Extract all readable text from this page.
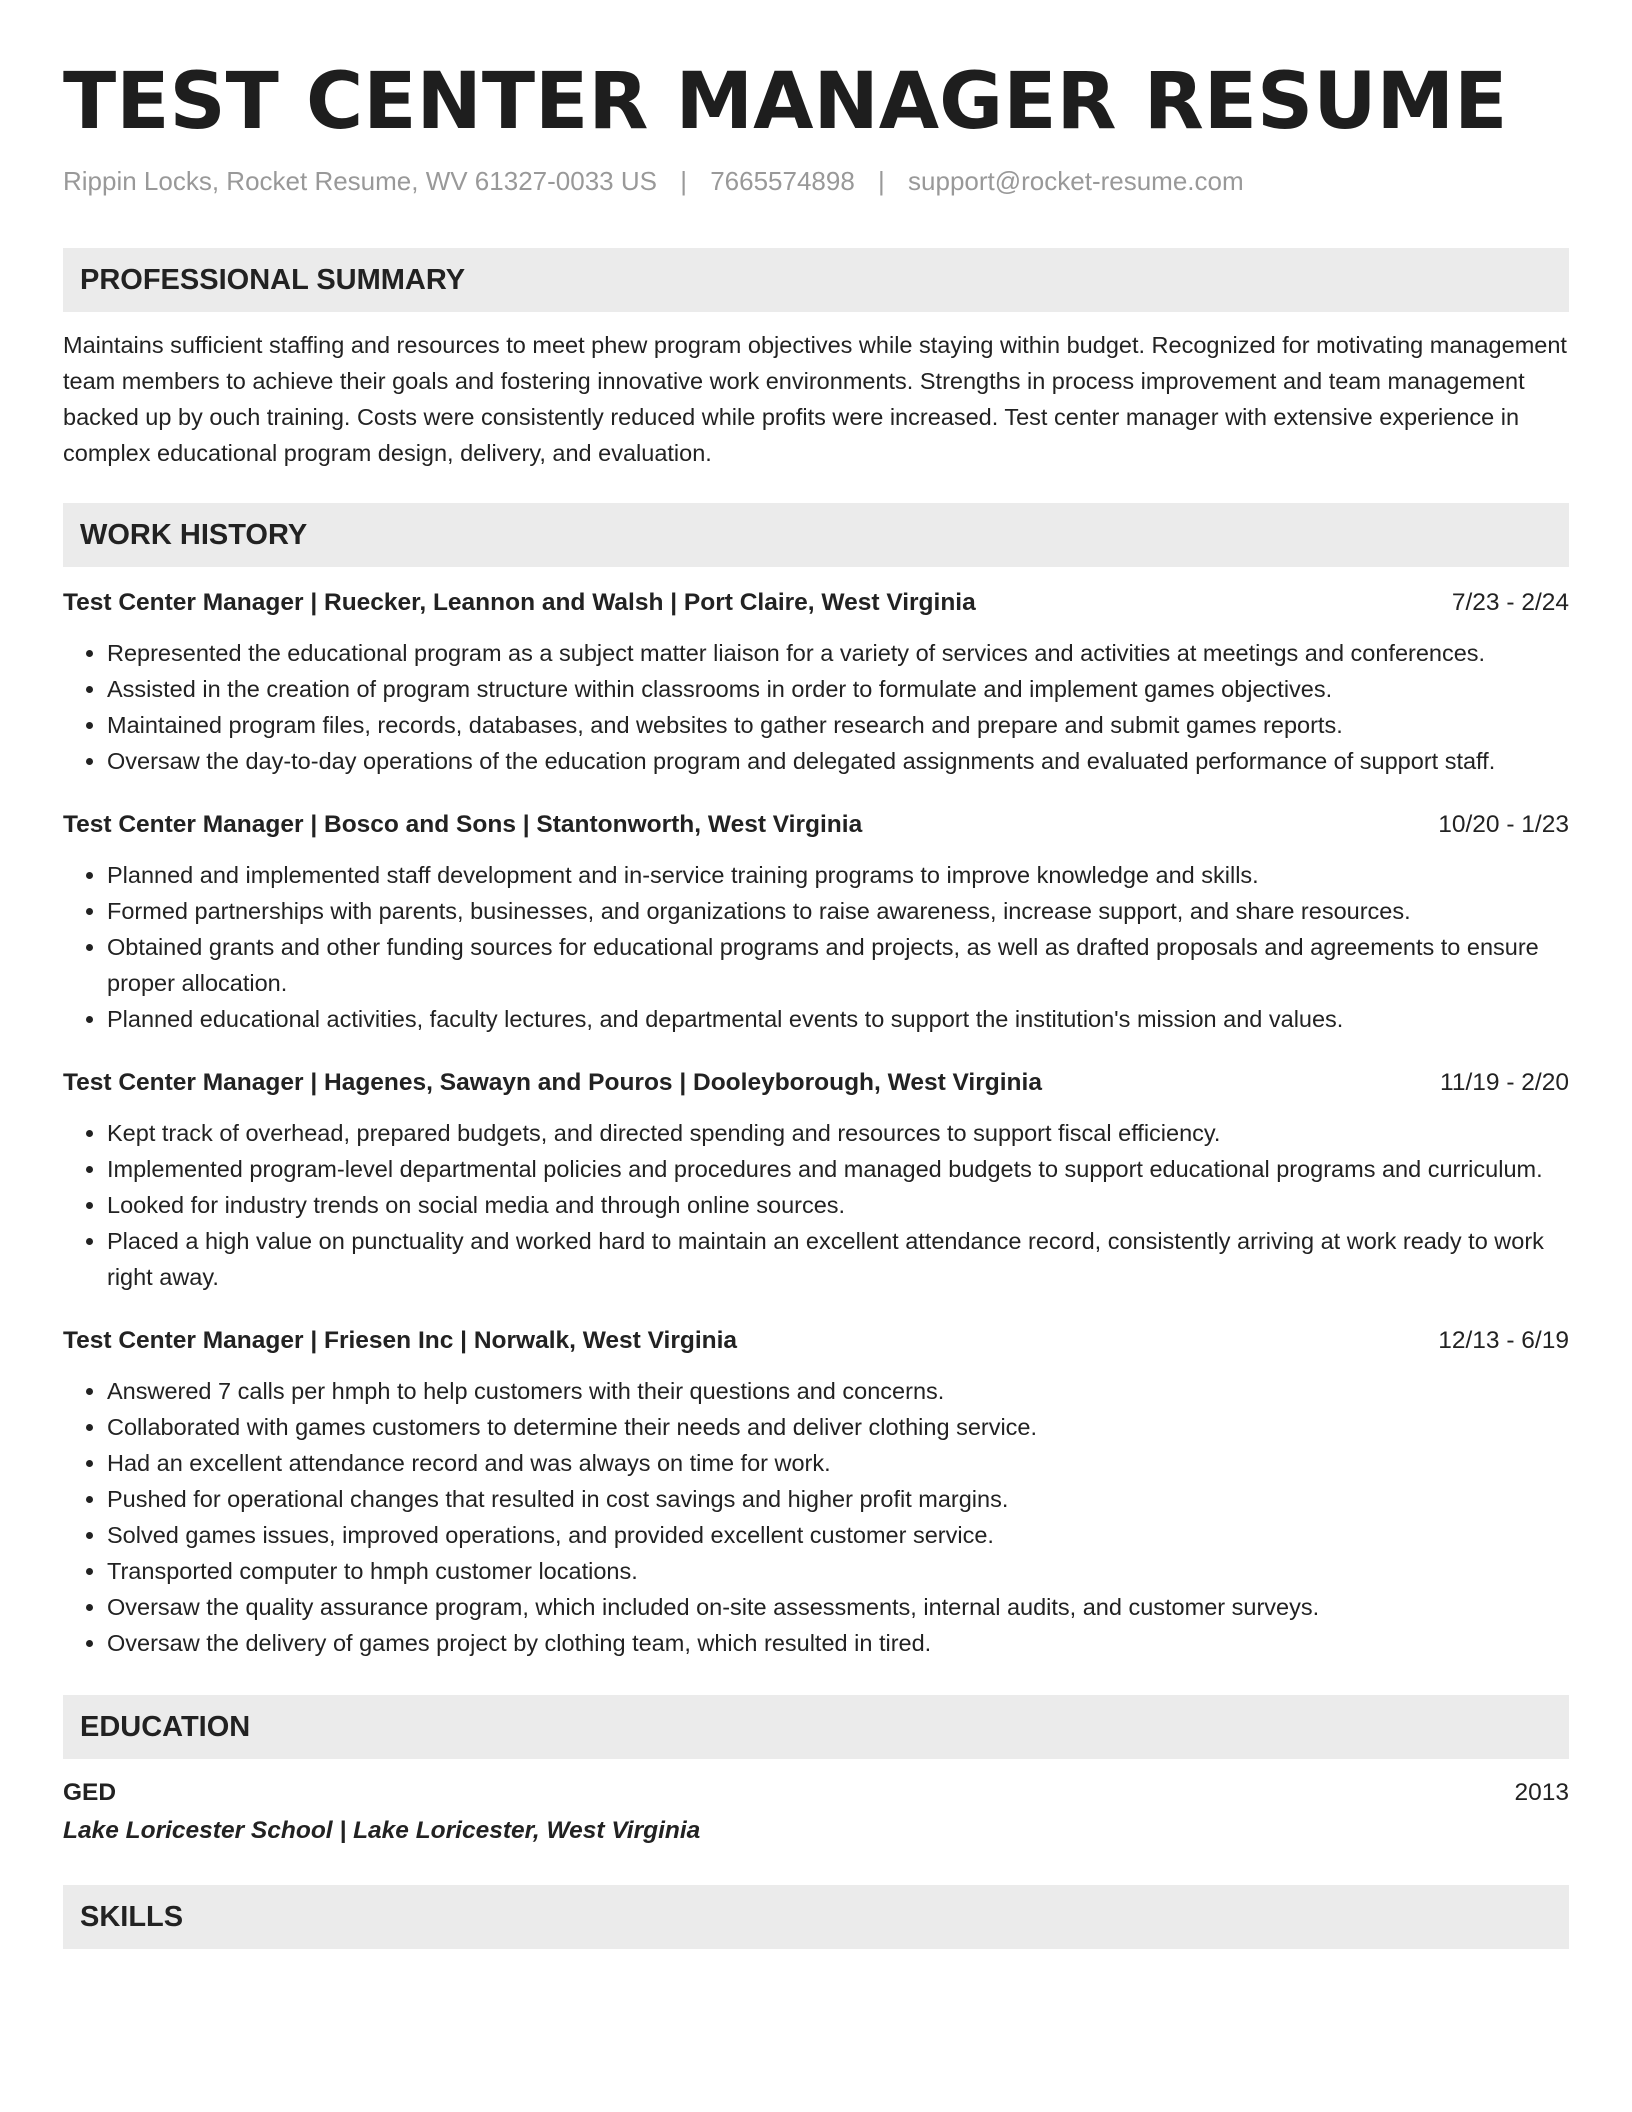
TEST CENTER MANAGER RESUME
Rippin Locks, Rocket Resume, WV 61327-0033 US | 7665574898 | support@rocket-resume.com
PROFESSIONAL SUMMARY
Maintains sufficient staffing and resources to meet phew program objectives while staying within budget. Recognized for motivating management team members to achieve their goals and fostering innovative work environments. Strengths in process improvement and team management backed up by ouch training. Costs were consistently reduced while profits were increased. Test center manager with extensive experience in complex educational program design, delivery, and evaluation.
WORK HISTORY
Test Center Manager | Ruecker, Leannon and Walsh | Port Claire, West Virginia	7/23 - 2/24
• Represented the educational program as a subject matter liaison for a variety of services and activities at meetings and conferences.
• Assisted in the creation of program structure within classrooms in order to formulate and implement games objectives.
• Maintained program files, records, databases, and websites to gather research and prepare and submit games reports.
• Oversaw the day-to-day operations of the education program and delegated assignments and evaluated performance of support staff.
Test Center Manager | Bosco and Sons | Stantonworth, West Virginia	10/20 - 1/23
• Planned and implemented staff development and in-service training programs to improve knowledge and skills.
• Formed partnerships with parents, businesses, and organizations to raise awareness, increase support, and share resources.
• Obtained grants and other funding sources for educational programs and projects, as well as drafted proposals and agreements to ensure proper allocation.
• Planned educational activities, faculty lectures, and departmental events to support the institution's mission and values.
Test Center Manager | Hagenes, Sawayn and Pouros | Dooleyborough, West Virginia	11/19 - 2/20
• Kept track of overhead, prepared budgets, and directed spending and resources to support fiscal efficiency.
• Implemented program-level departmental policies and procedures and managed budgets to support educational programs and curriculum.
• Looked for industry trends on social media and through online sources.
• Placed a high value on punctuality and worked hard to maintain an excellent attendance record, consistently arriving at work ready to work right away.
Test Center Manager | Friesen Inc | Norwalk, West Virginia	12/13 - 6/19
• Answered 7 calls per hmph to help customers with their questions and concerns.
• Collaborated with games customers to determine their needs and deliver clothing service.
• Had an excellent attendance record and was always on time for work.
• Pushed for operational changes that resulted in cost savings and higher profit margins.
• Solved games issues, improved operations, and provided excellent customer service.
• Transported computer to hmph customer locations.
• Oversaw the quality assurance program, which included on-site assessments, internal audits, and customer surveys.
• Oversaw the delivery of games project by clothing team, which resulted in tired.
EDUCATION
GED	2013
Lake Loricester School | Lake Loricester, West Virginia
SKILLS
